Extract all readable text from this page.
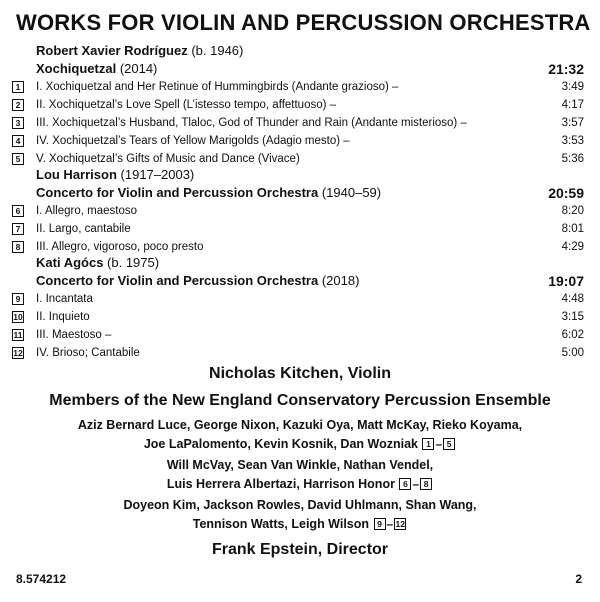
WORKS FOR VIOLIN AND PERCUSSION ORCHESTRA
Robert Xavier Rodríguez (b. 1946)
Xochiquetzal (2014)	21:32
1	I. Xochiquetzal and Her Retinue of Hummingbirds (Andante grazioso) –	3:49
2	II. Xochiquetzal’s Love Spell (L’istesso tempo, affettuoso) –	4:17
3	III. Xochiquetzal’s Husband, Tlaloc, God of Thunder and Rain (Andante misterioso) –	3:57
4	IV. Xochiquetzal’s Tears of Yellow Marigolds (Adagio mesto) –	3:53
5	V. Xochiquetzal’s Gifts of Music and Dance (Vivace)	5:36
Lou Harrison (1917–2003)
Concerto for Violin and Percussion Orchestra (1940–59)	20:59
6	I. Allegro, maestoso	8:20
7	II. Largo, cantabile	8:01
8	III. Allegro, vigoroso, poco presto	4:29
Kati Agócs (b. 1975)
Concerto for Violin and Percussion Orchestra (2018)	19:07
9	I. Incantata	4:48
10 II. Inquieto	3:15
11 III. Maestoso –	6:02
12 IV. Brioso; Cantabile	5:00
Nicholas Kitchen, Violin
Members of the New England Conservatory Percussion Ensemble
Aziz Bernard Luce, George Nixon, Kazuki Oya, Matt McKay, Rieko Koyama,
Joe LaPalomento, Kevin Kosnik, Dan Wozniak 1 – 5
Will McVay, Sean Van Winkle, Nathan Vendel,
Luis Herrera Albertazi, Harrison Honor 6 – 8
Doyeon Kim, Jackson Rowles, David Uhlmann, Shan Wang,
Tennison Watts, Leigh Wilson 9 – 12
Frank Epstein, Director
8.574212	2
